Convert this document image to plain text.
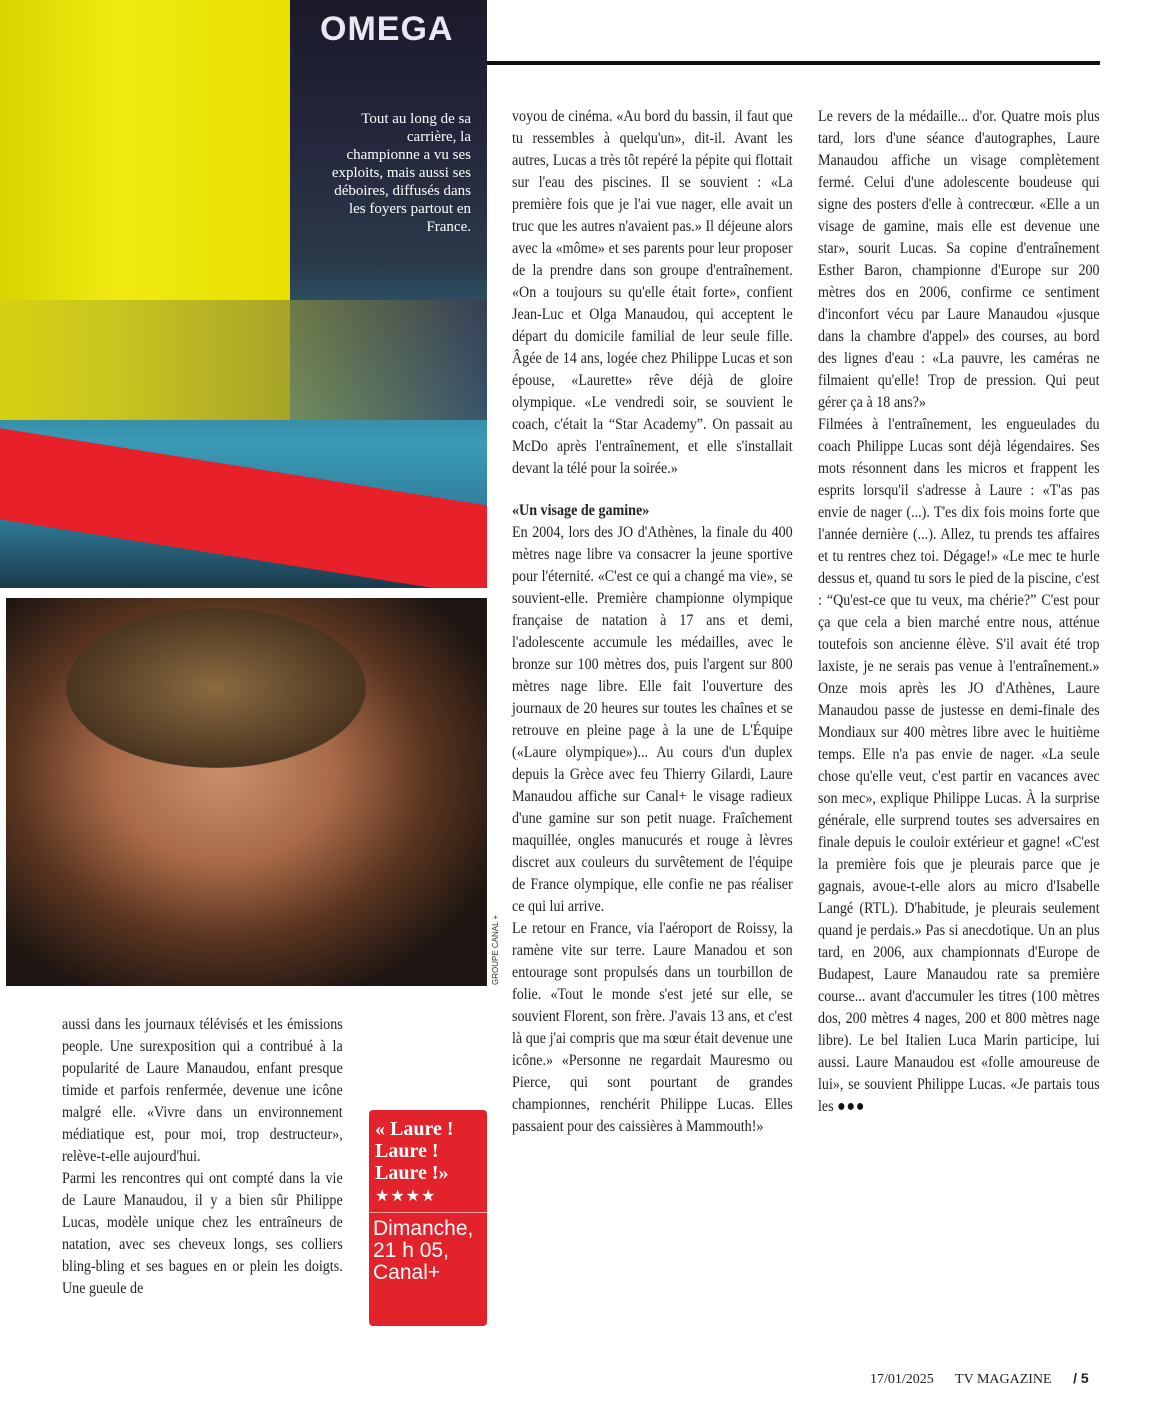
OMEGA
Tout au long de sa carrière, la championne a vu ses exploits, mais aussi ses déboires, diffusés dans les foyers partout en France.
GROUPE CANAL +

aussi dans les journaux télévisés et les émissions people. Une surexposition qui a contribué à la popularité de Laure Manaudou, enfant presque timide et parfois renfermée, devenue une icône malgré elle. «Vivre dans un environnement médiatique est, pour moi, trop destructeur», relève-t-elle aujourd'hui.

Parmi les rencontres qui ont compté dans la vie de Laure Manaudou, il y a bien sûr Philippe Lucas, modèle unique chez les entraîneurs de natation, avec ses cheveux longs, ses colliers bling-bling et ses bagues en or plein les doigts. Une gueule de

« Laure ! Laure ! Laure !»
★★★★
Dimanche, 21 h 05, Canal+

voyou de cinéma. «Au bord du bassin, il faut que tu ressembles à quelqu'un», dit-il. Avant les autres, Lucas a très tôt repéré la pépite qui flottait sur l'eau des piscines. Il se souvient : «La première fois que je l'ai vue nager, elle avait un truc que les autres n'avaient pas.» Il déjeune alors avec la «môme» et ses parents pour leur proposer de la prendre dans son groupe d'entraînement. «On a toujours su qu'elle était forte», confient Jean-Luc et Olga Manaudou, qui acceptent le départ du domicile familial de leur seule fille. Âgée de 14 ans, logée chez Philippe Lucas et son épouse, «Laurette» rêve déjà de gloire olympique. «Le vendredi soir, se souvient le coach, c'était la “Star Academy”. On passait au McDo après l'entraînement, et elle s'installait devant la télé pour la soirée.»

«Un visage de gamine»

En 2004, lors des JO d'Athènes, la finale du 400 mètres nage libre va consacrer la jeune sportive pour l'éternité. «C'est ce qui a changé ma vie», se souvient-elle. Première championne olympique française de natation à 17 ans et demi, l'adolescente accumule les médailles, avec le bronze sur 100 mètres dos, puis l'argent sur 800 mètres nage libre. Elle fait l'ouverture des journaux de 20 heures sur toutes les chaînes et se retrouve en pleine page à la une de L'Équipe («Laure olympique»)... Au cours d'un duplex depuis la Grèce avec feu Thierry Gilardi, Laure Manaudou affiche sur Canal+ le visage radieux d'une gamine sur son petit nuage. Fraîchement maquillée, ongles manucurés et rouge à lèvres discret aux couleurs du survêtement de l'équipe de France olympique, elle confie ne pas réaliser ce qui lui arrive.

Le retour en France, via l'aéroport de Roissy, la ramène vite sur terre. Laure Manadou et son entourage sont propulsés dans un tourbillon de folie. «Tout le monde s'est jeté sur elle, se souvient Florent, son frère. J'avais 13 ans, et c'est là que j'ai compris que ma sœur était devenue une icône.» «Personne ne regardait Mauresmo ou Pierce, qui sont pourtant de grandes championnes, renchérit Philippe Lucas. Elles passaient pour des caissières à Mammouth!»

Le revers de la médaille... d'or. Quatre mois plus tard, lors d'une séance d'autographes, Laure Manaudou affiche un visage complètement fermé. Celui d'une adolescente boudeuse qui signe des posters d'elle à contrecœur. «Elle a un visage de gamine, mais elle est devenue une star», sourit Lucas. Sa copine d'entraînement Esther Baron, championne d'Europe sur 200 mètres dos en 2006, confirme ce sentiment d'inconfort vécu par Laure Manaudou «jusque dans la chambre d'appel» des courses, au bord des lignes d'eau : «La pauvre, les caméras ne filmaient qu'elle! Trop de pression. Qui peut gérer ça à 18 ans?»

Filmées à l'entraînement, les engueulades du coach Philippe Lucas sont déjà légendaires. Ses mots résonnent dans les micros et frappent les esprits lorsqu'il s'adresse à Laure : «T'as pas envie de nager (...). T'es dix fois moins forte que l'année dernière (...). Allez, tu prends tes affaires et tu rentres chez toi. Dégage!» «Le mec te hurle dessus et, quand tu sors le pied de la piscine, c'est : “Qu'est-ce que tu veux, ma chérie?” C'est pour ça que cela a bien marché entre nous, atténue toutefois son ancienne élève. S'il avait été trop laxiste, je ne serais pas venue à l'entraînement.» Onze mois après les JO d'Athènes, Laure Manaudou passe de justesse en demi-finale des Mondiaux sur 400 mètres libre avec le huitième temps. Elle n'a pas envie de nager. «La seule chose qu'elle veut, c'est partir en vacances avec son mec», explique Philippe Lucas. À la surprise générale, elle surprend toutes ses adversaires en finale depuis le couloir extérieur et gagne! «C'est la première fois que je pleurais parce que je gagnais, avoue-t-elle alors au micro d'Isabelle Langé (RTL). D'habitude, je pleurais seulement quand je perdais.» Pas si anecdotique. Un an plus tard, en 2006, aux championnats d'Europe de Budapest, Laure Manaudou rate sa première course... avant d'accumuler les titres (100 mètres dos, 200 mètres 4 nages, 200 et 800 mètres nage libre). Le bel Italien Luca Marin participe, lui aussi. Laure Manaudou est «folle amoureuse de lui», se souvient Philippe Lucas. «Je partais tous les ●●●

17/01/2025 TV MAGAZINE / 5
